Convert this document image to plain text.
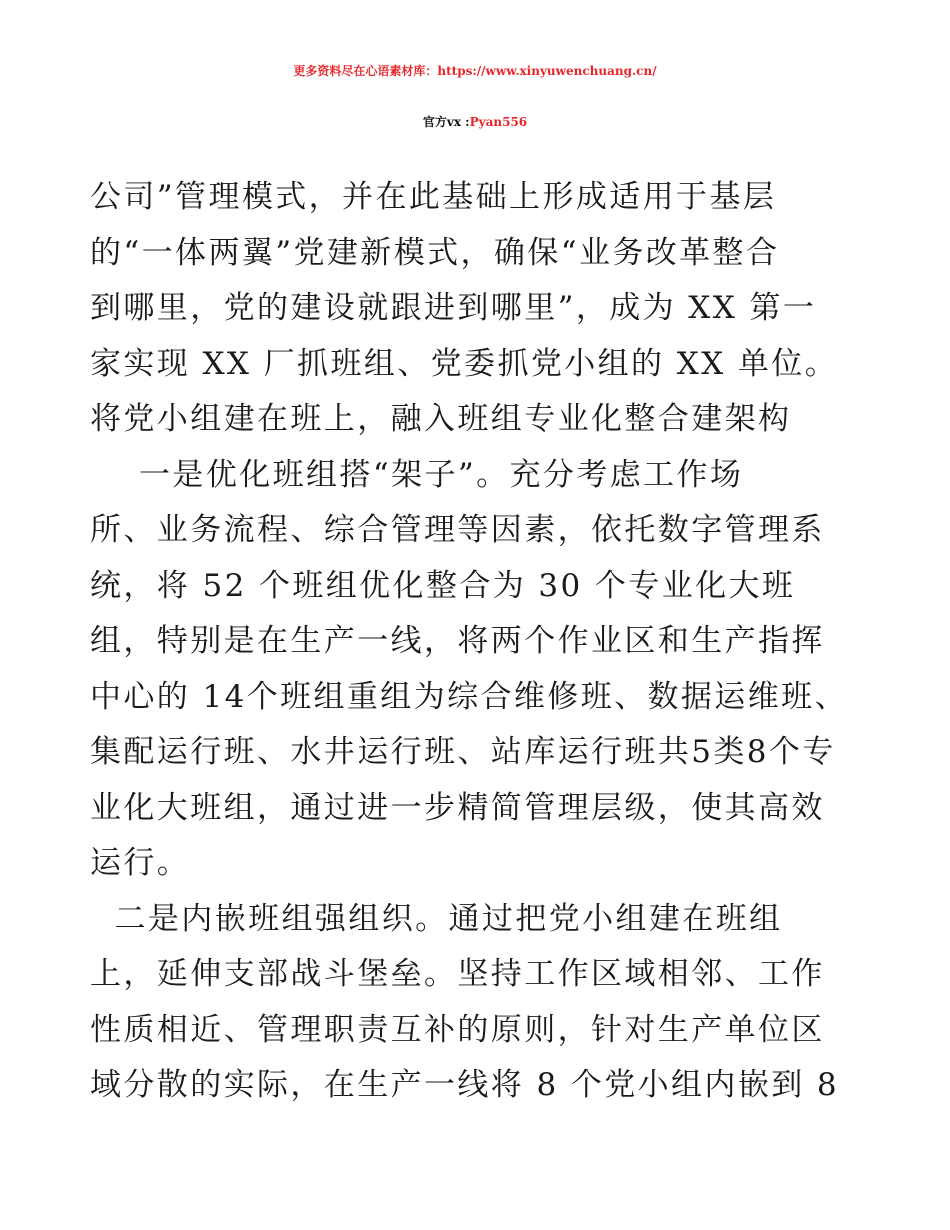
更多资料尽在心语素材库：https://www.xinyuwenchuang.cn/
官方vx :Pyan556
公司”管理模式，并在此基础上形成适用于基层
的“一体两翼”党建新模式，确保“业务改革整合
到哪里，党的建设就跟进到哪里”，成为 XX 第一
家实现 XX 厂抓班组、党委抓党小组的 XX 单位。
将党小组建在班上，融入班组专业化整合建架构
一是优化班组搭“架子”。充分考虑工作场
所、业务流程、综合管理等因素，依托数字管理系
统，将 52 个班组优化整合为 30 个专业化大班
组，特别是在生产一线，将两个作业区和生产指挥
中心的 14个班组重组为综合维修班、数据运维班、
集配运行班、水井运行班、站库运行班共5类8个专
业化大班组，通过进一步精简管理层级，使其高效
运行。
二是内嵌班组强组织。通过把党小组建在班组
上，延伸支部战斗堡垒。坚持工作区域相邻、工作
性质相近、管理职责互补的原则，针对生产单位区
域分散的实际，在生产一线将 8 个党小组内嵌到 8
